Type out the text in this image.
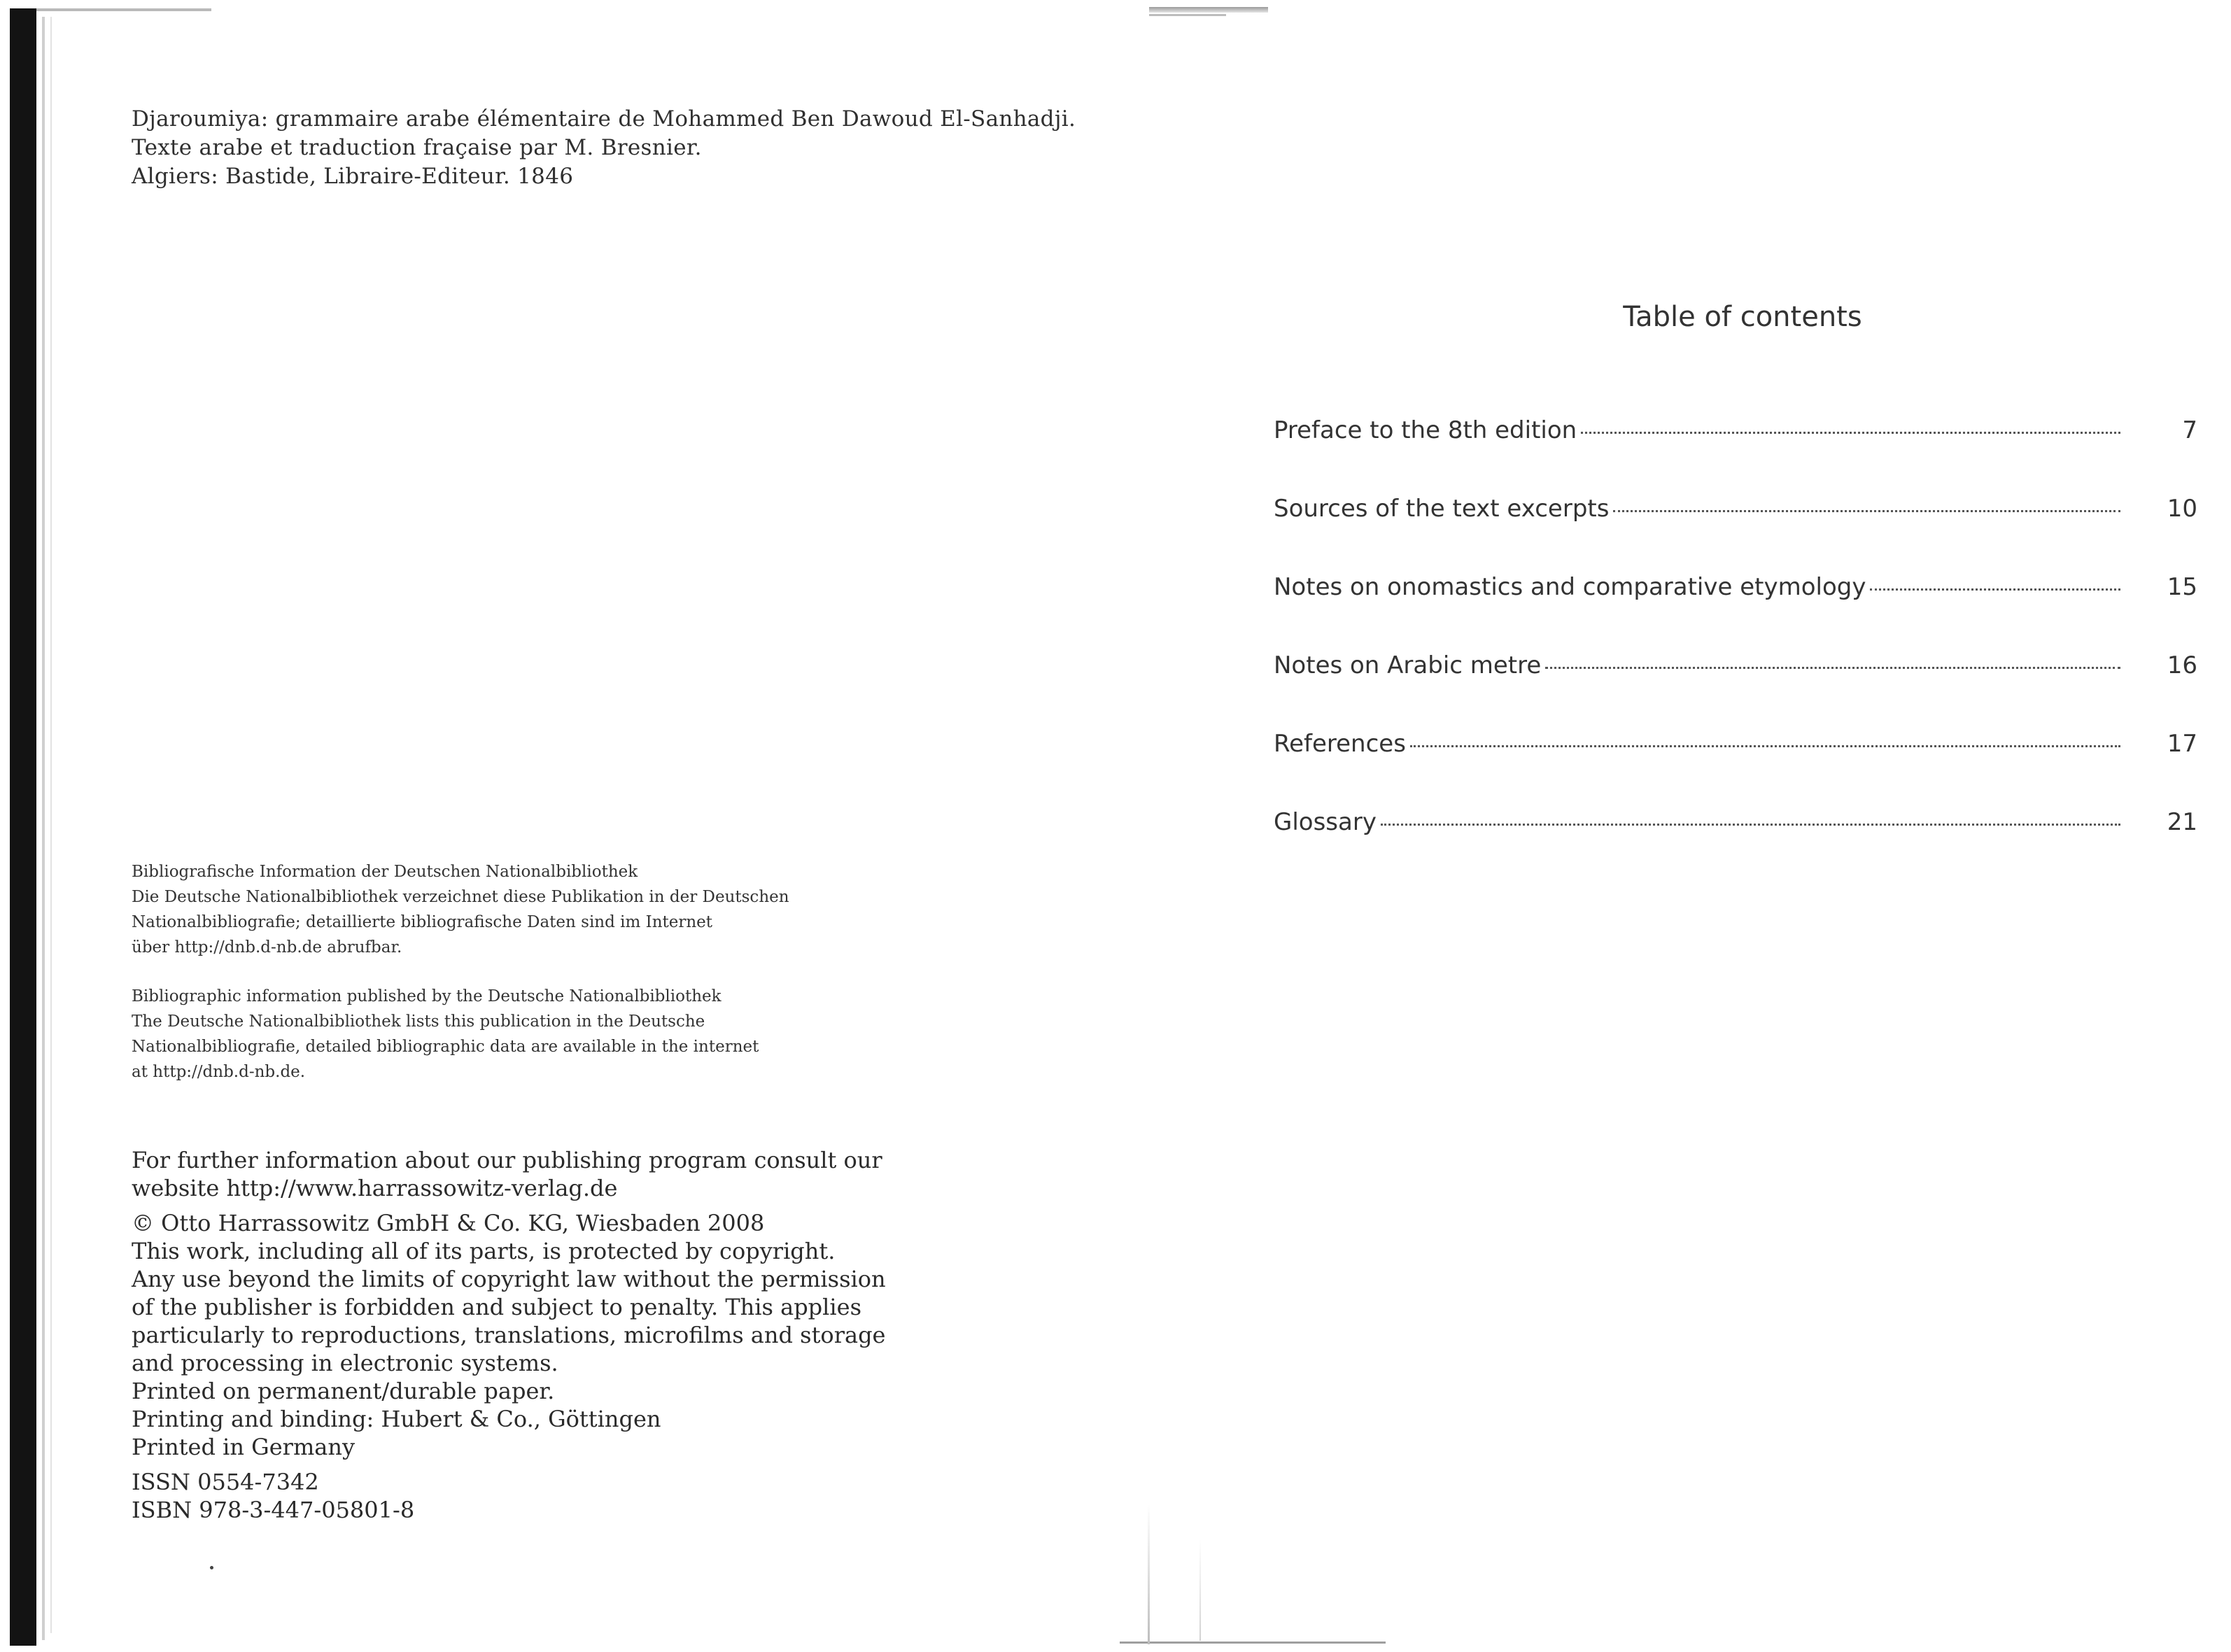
Djaroumiya: grammaire arabe élémentaire de Mohammed Ben Dawoud El-Sanhadji.
Texte arabe et traduction fraçaise par M. Bresnier.
Algiers: Bastide, Libraire-Editeur. 1846
Bibliografische Information der Deutschen Nationalbibliothek
Die Deutsche Nationalbibliothek verzeichnet diese Publikation in der Deutschen
Nationalbibliografie; detaillierte bibliografische Daten sind im Internet
über http://dnb.d-nb.de abrufbar.
Bibliographic information published by the Deutsche Nationalbibliothek
The Deutsche Nationalbibliothek lists this publication in the Deutsche
Nationalbibliografie, detailed bibliographic data are available in the internet
at http://dnb.d-nb.de.
For further information about our publishing program consult our
website http://www.harrassowitz-verlag.de
© Otto Harrassowitz GmbH & Co. KG, Wiesbaden 2008
This work, including all of its parts, is protected by copyright.
Any use beyond the limits of copyright law without the permission
of the publisher is forbidden and subject to penalty. This applies
particularly to reproductions, translations, microfilms and storage
and processing in electronic systems.
Printed on permanent/durable paper.
Printing and binding: Hubert & Co., Göttingen
Printed in Germany
ISSN 0554-7342
ISBN 978-3-447-05801-8
Table of contents
Preface to the 8th edition	7
Sources of the text excerpts	10
Notes on onomastics and comparative etymology	15
Notes on Arabic metre	16
References	17
Glossary	21
